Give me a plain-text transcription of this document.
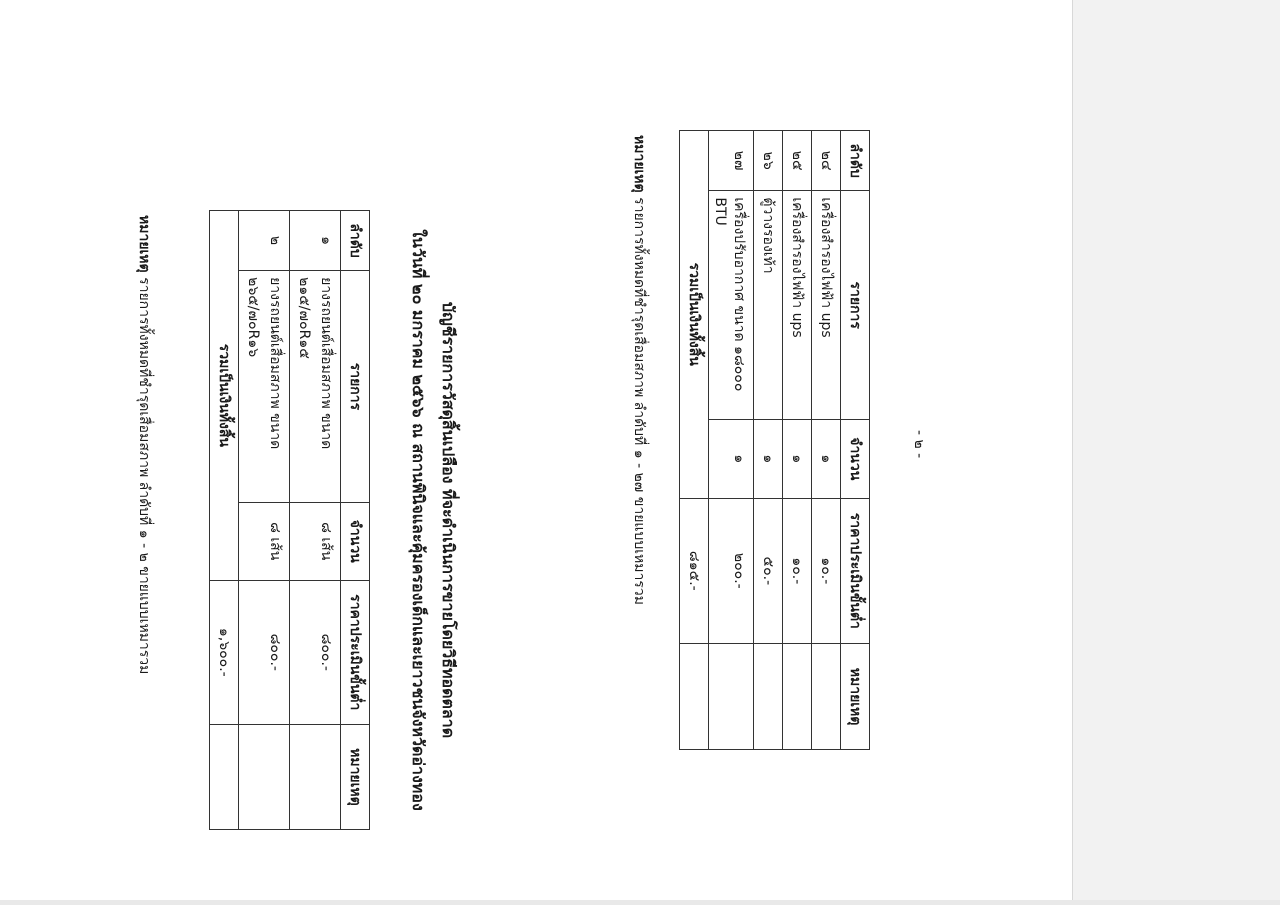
- ๒ -
ลำดับ	รายการ	จำนวน	ราคาประเมินขั้นต่ำ	หมายเหตุ
๒๔	เครื่องสำรองไฟฟ้า ups	๑	๑๐.-	
๒๕	เครื่องสำรองไฟฟ้า ups	๑	๑๐.-	
๒๖	ตู้วางรองเท้า	๑	๕๐.-	
๒๗	เครื่องปรับอากาศ ขนาด ๑๘๐๐๐ BTU	๑	๒๐๐.-	
รวมเป็นเงินทั้งสิ้น			๘๑๕.-	
หมายเหตุ รายการทั้งหมดที่ชำรุดเสื่อมสภาพ ลำดับที่ ๑ - ๒๗ ขายแบบเหมารวม
บัญชีรายการวัสดุสิ้นเปลือง ที่จะดำเนินการขายโดยวิธีทอดตลาด
ในวันที่ ๒๐ มกราคม ๒๕๖๖ ณ สถานพินิจและคุ้มครองเด็กและเยาวชนจังหวัดอ่างทอง
ลำดับ	รายการ	จำนวน	ราคาประเมินขั้นต่ำ	หมายเหตุ
๑	ยางรถยนต์เสื่อมสภาพ ขนาด ๒๑๕/๗๐R๑๕	๘ เส้น	๘๐๐.-	
๒	ยางรถยนต์เสื่อมสภาพ ขนาด ๒๖๕/๗๐R๑๖	๘ เส้น	๘๐๐.-	
รวมเป็นเงินทั้งสิ้น			๑,๖๐๐.-	
หมายเหตุ รายการทั้งหมดที่ชำรุดเสื่อมสภาพ ลำดับที่ ๑ - ๒ ขายแบบเหมารวม
